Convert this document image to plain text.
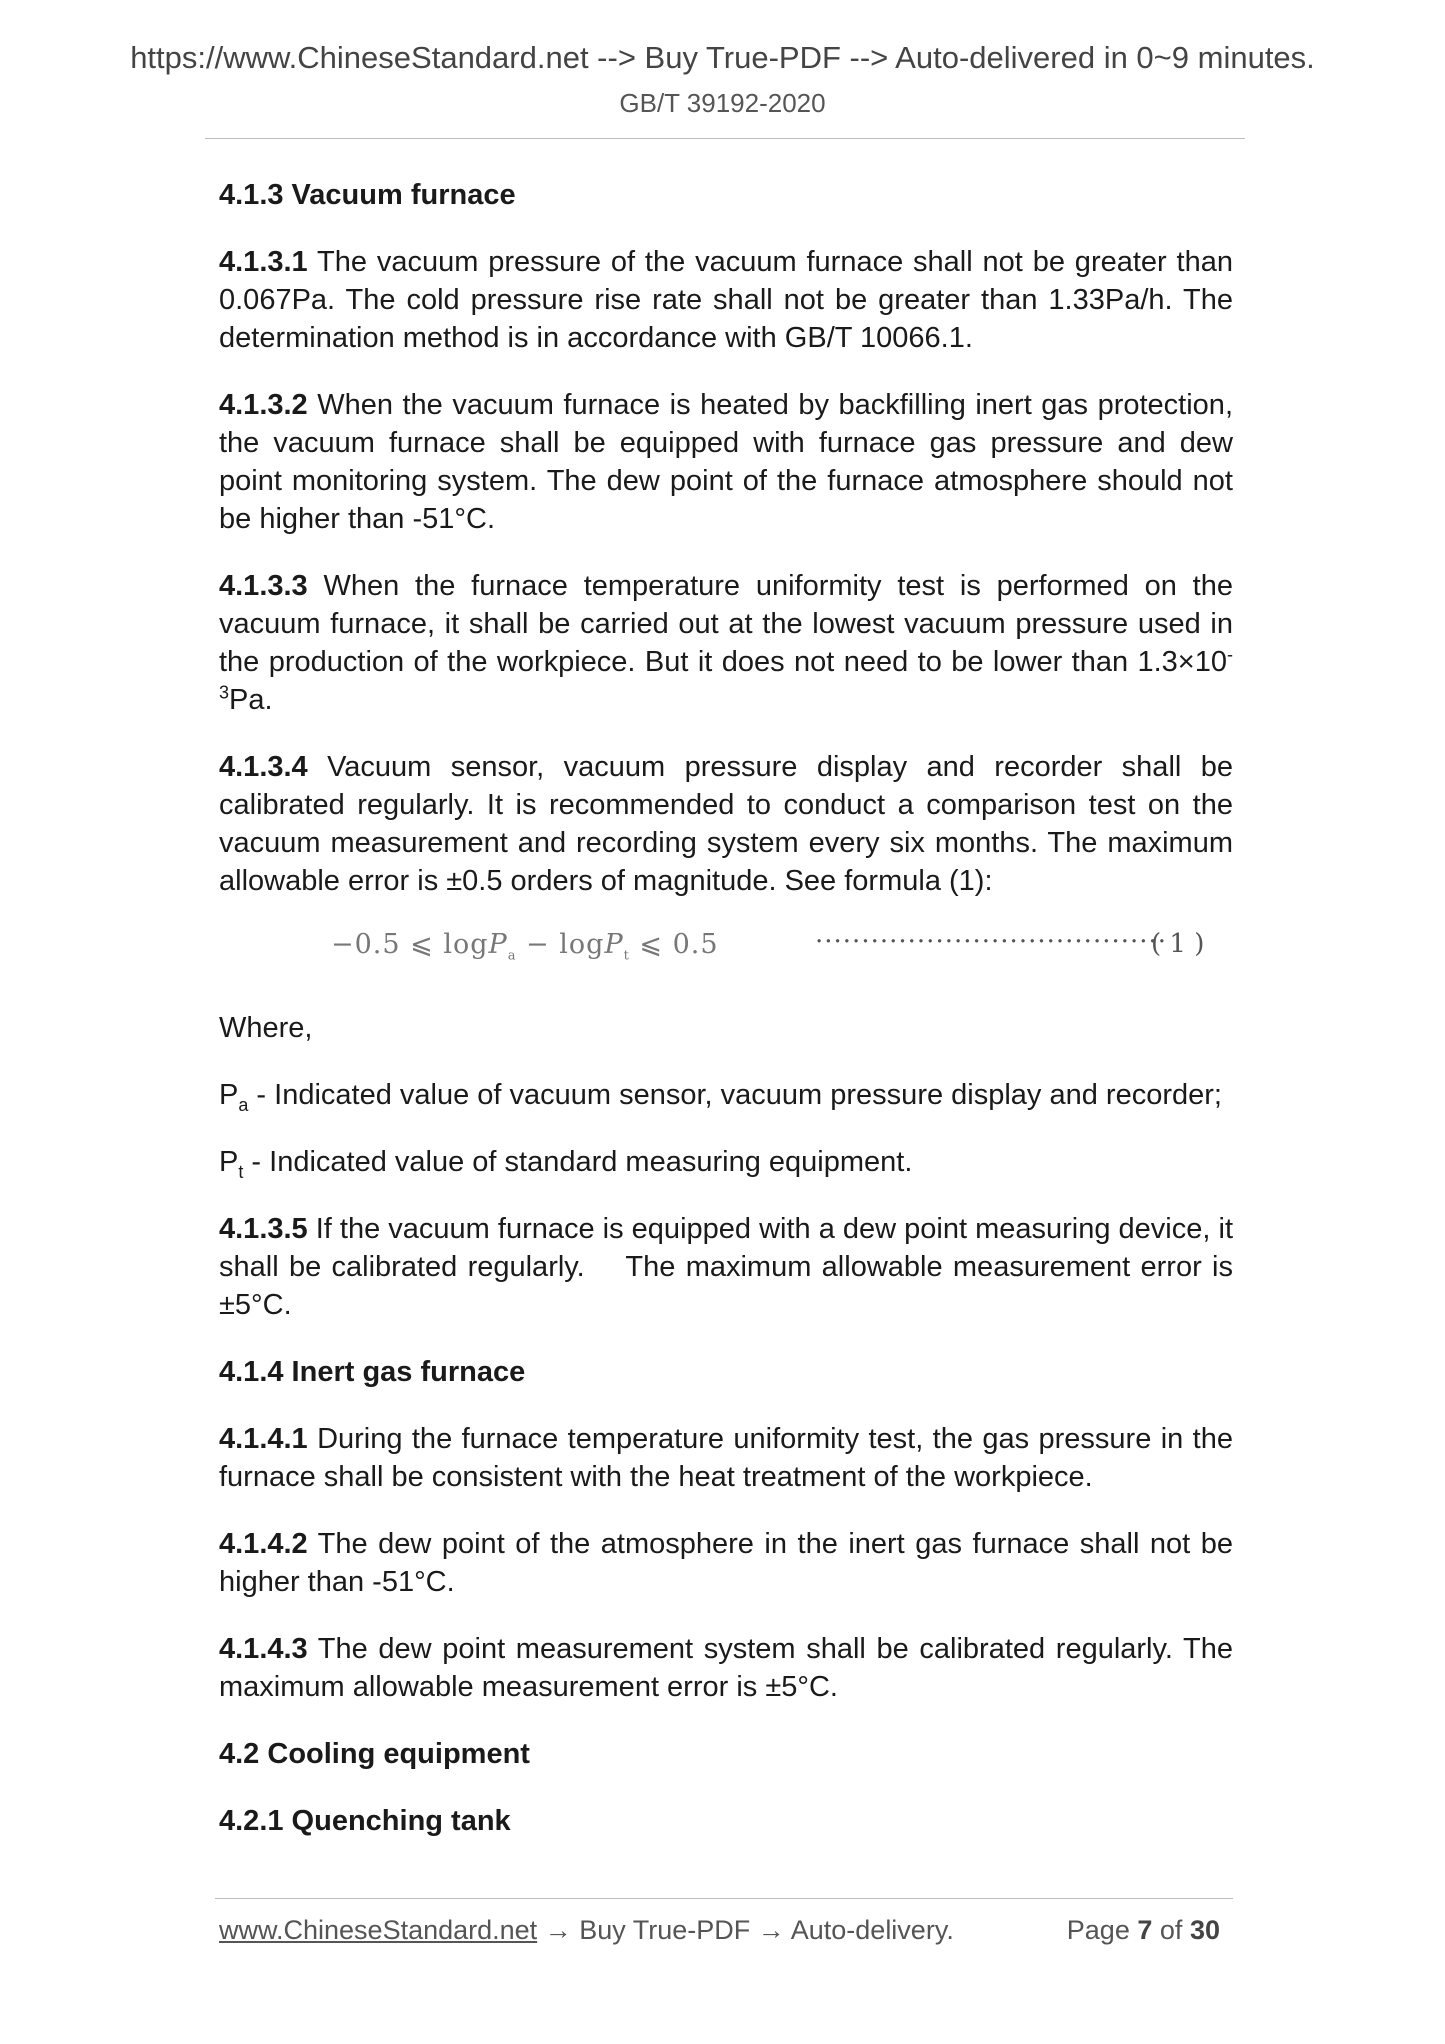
https://www.ChineseStandard.net --> Buy True-PDF --> Auto-delivered in 0~9 minutes.
GB/T 39192-2020
4.1.3 Vacuum furnace

4.1.3.1 The vacuum pressure of the vacuum furnace shall not be greater than 0.067Pa. The cold pressure rise rate shall not be greater than 1.33Pa/h. The determination method is in accordance with GB/T 10066.1.

4.1.3.2 When the vacuum furnace is heated by backfilling inert gas protection, the vacuum furnace shall be equipped with furnace gas pressure and dew point monitoring system. The dew point of the furnace atmosphere should not be higher than -51°C.

4.1.3.3 When the furnace temperature uniformity test is performed on the vacuum furnace, it shall be carried out at the lowest vacuum pressure used in the production of the workpiece. But it does not need to be lower than $1.3\times 10^{-3}Pa$.

4.1.3.4 Vacuum sensor, vacuum pressure display and recorder shall be calibrated regularly. It is recommended to conduct a comparison test on the vacuum measurement and recording system every six months. The maximum allowable error is ±0.5 orders of magnitude. See formula (1):

−0.5 ⩽ logP$_a$ − logP$_t$ ⩽ 0.5	······································
( 1 )

Where,

$P_a$ - Indicated value of vacuum sensor, vacuum pressure display and recorder;

$P_t$ - Indicated value of standard measuring equipment.

4.1.3.5 If the vacuum furnace is equipped with a dew point measuring device, it shall be calibrated regularly.    The maximum allowable measurement error is ±5°C.

4.1.4 Inert gas furnace

4.1.4.1 During the furnace temperature uniformity test, the gas pressure in the furnace shall be consistent with the heat treatment of the workpiece.

4.1.4.2 The dew point of the atmosphere in the inert gas furnace shall not be higher than -51°C.

4.1.4.3 The dew point measurement system shall be calibrated regularly. The maximum allowable measurement error is ±5°C.

4.2 Cooling equipment
4.2.1 Quenching tank
www.ChineseStandard.net → Buy True-PDF → Auto-delivery.	Page 7 of 30
